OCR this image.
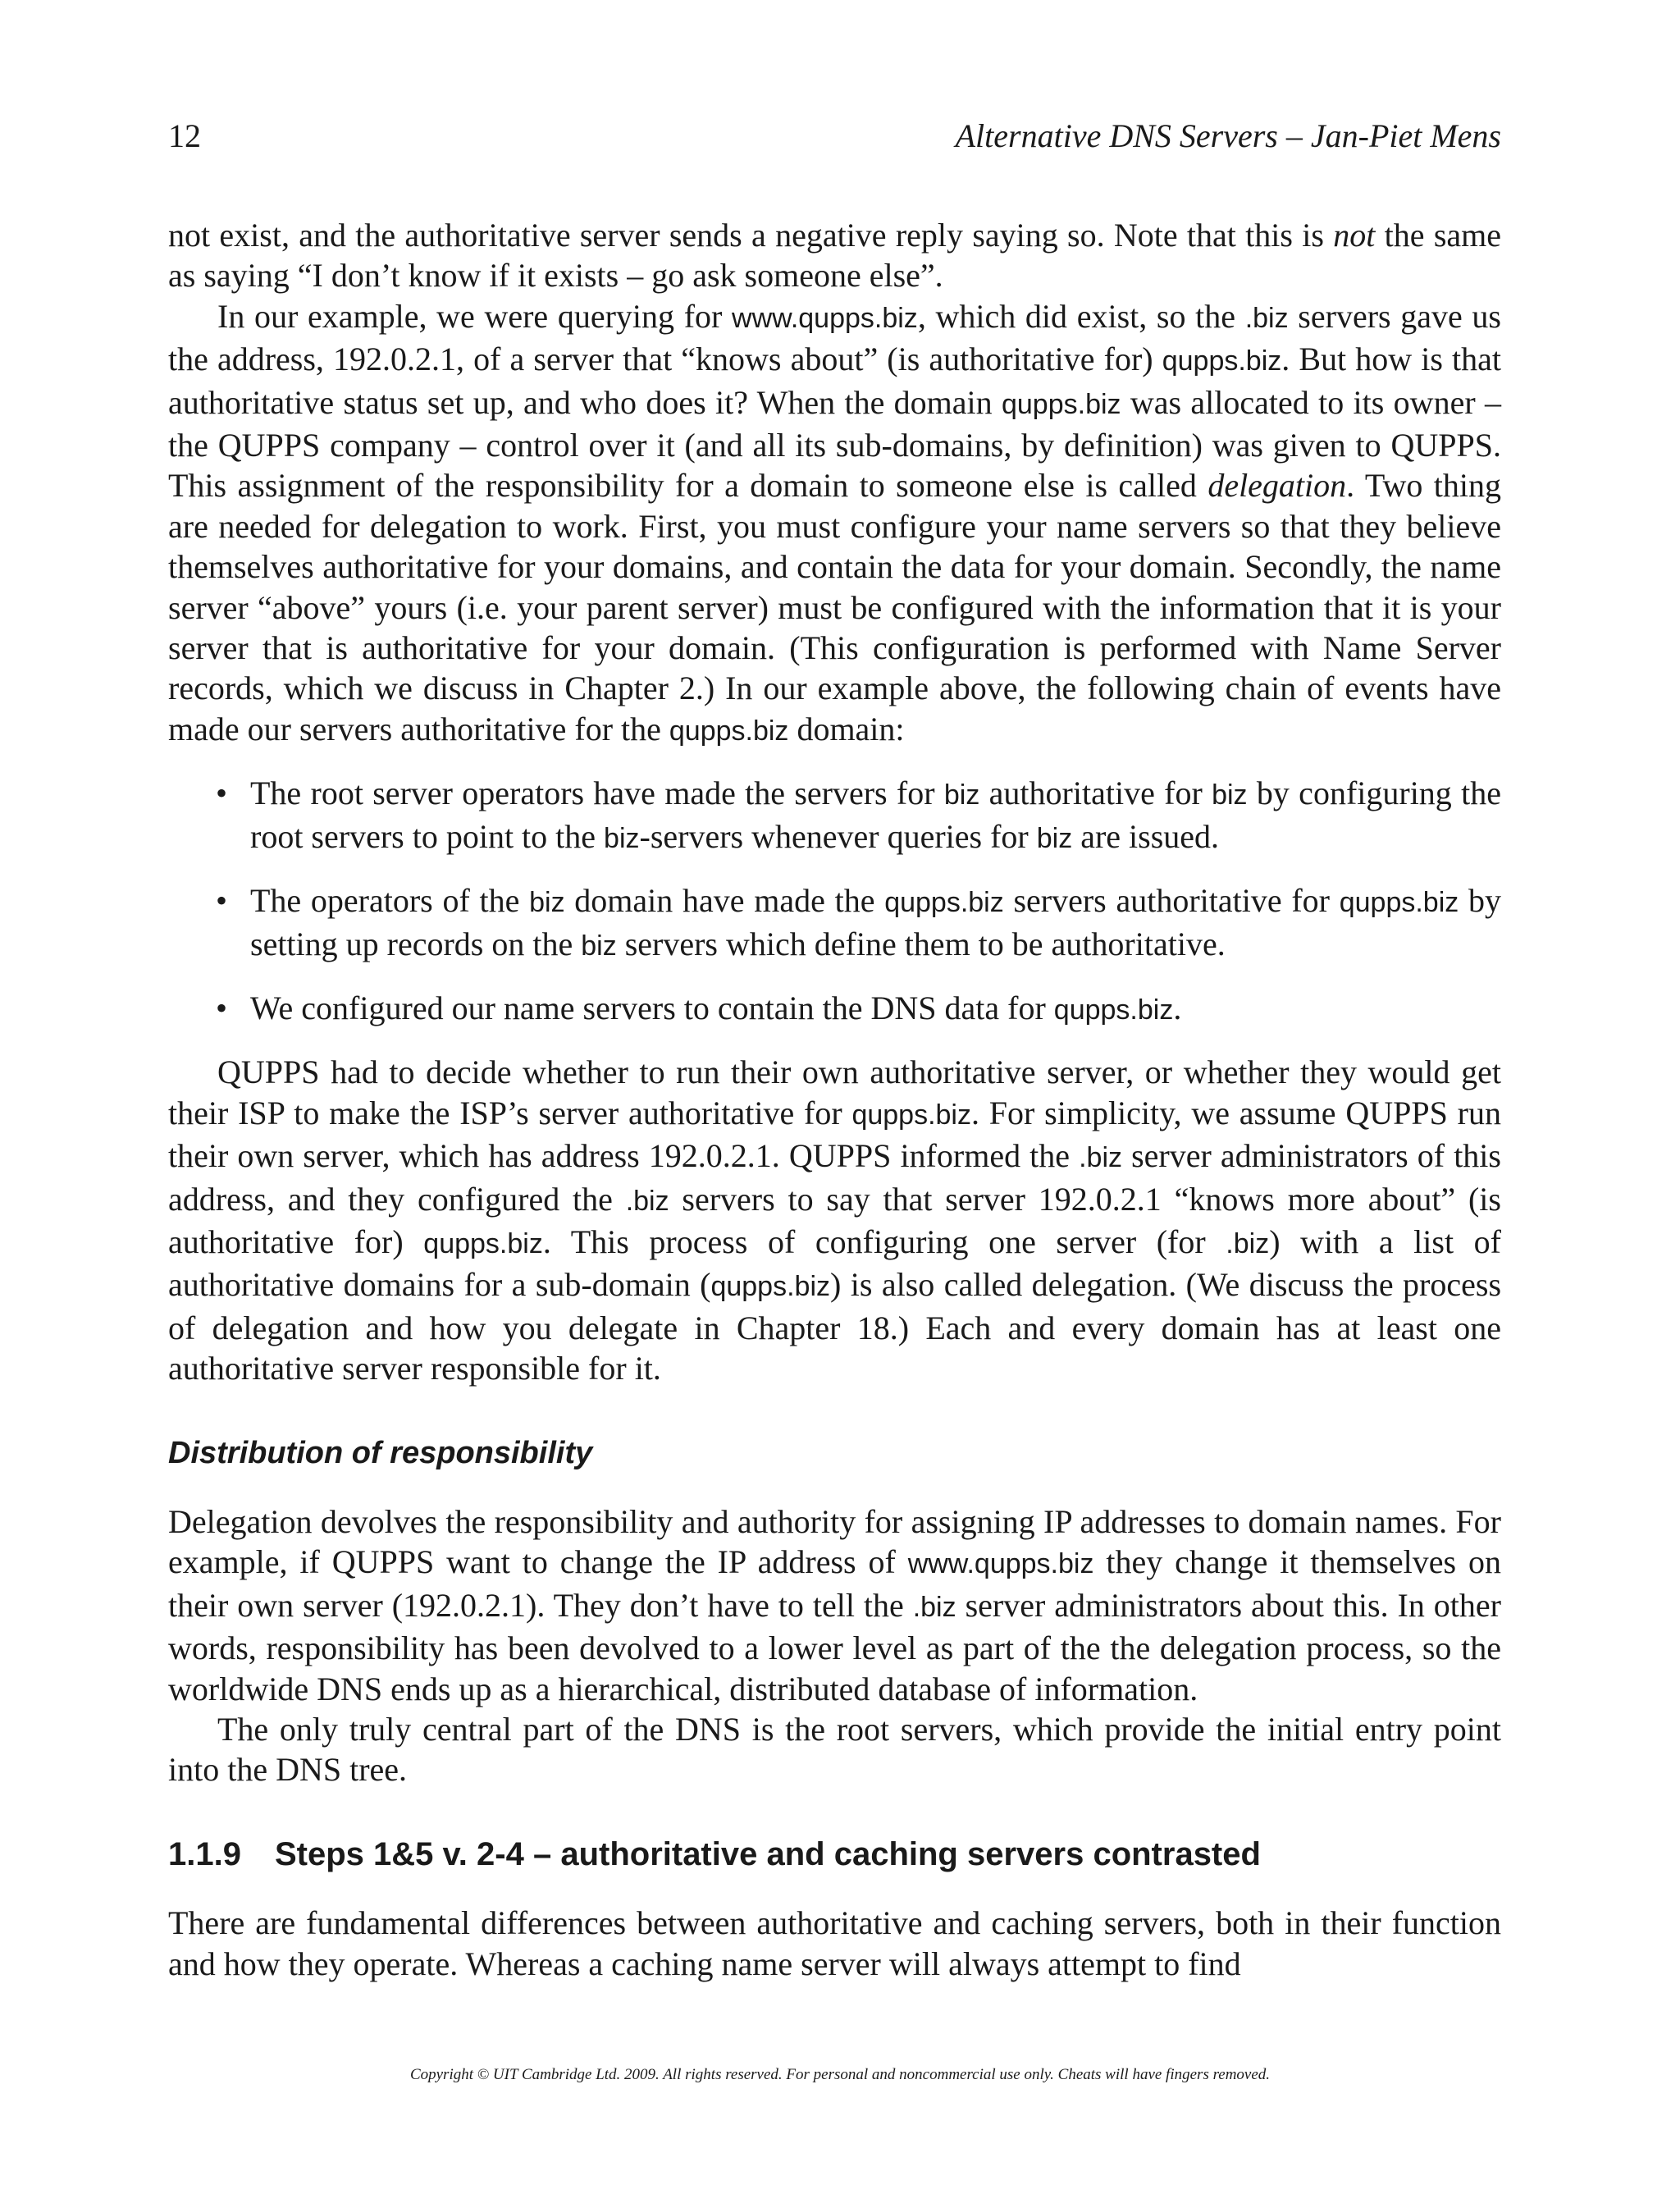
12	Alternative DNS Servers – Jan-Piet Mens

not exist, and the authoritative server sends a negative reply saying so. Note that this is not the same as saying “I don’t know if it exists – go ask someone else”.

In our example, we were querying for www.qupps.biz, which did exist, so the .biz servers gave us the address, 192.0.2.1, of a server that “knows about” (is authoritative for) qupps.biz. But how is that authoritative status set up, and who does it? When the domain qupps.biz was allocated to its owner – the QUPPS company – control over it (and all its sub-domains, by definition) was given to QUPPS. This assignment of the responsibility for a domain to someone else is called delegation. Two thing are needed for delegation to work. First, you must configure your name servers so that they believe themselves authoritative for your domains, and contain the data for your domain. Secondly, the name server “above” yours (i.e. your parent server) must be configured with the information that it is your server that is authoritative for your domain. (This configuration is performed with Name Server records, which we discuss in Chapter 2.) In our example above, the following chain of events have made our servers authoritative for the qupps.biz domain:

• The root server operators have made the servers for biz authoritative for biz by configuring the root servers to point to the biz-servers whenever queries for biz are issued.
• The operators of the biz domain have made the qupps.biz servers authoritative for qupps.biz by setting up records on the biz servers which define them to be authoritative.
• We configured our name servers to contain the DNS data for qupps.biz.

QUPPS had to decide whether to run their own authoritative server, or whether they would get their ISP to make the ISP’s server authoritative for qupps.biz. For simplicity, we assume QUPPS run their own server, which has address 192.0.2.1. QUPPS informed the .biz server administrators of this address, and they configured the .biz servers to say that server 192.0.2.1 “knows more about” (is authoritative for) qupps.biz. This process of configuring one server (for .biz) with a list of authoritative domains for a sub-domain (qupps.biz) is also called delegation. (We discuss the process of delegation and how you delegate in Chapter 18.) Each and every domain has at least one authoritative server responsible for it.

Distribution of responsibility

Delegation devolves the responsibility and authority for assigning IP addresses to domain names. For example, if QUPPS want to change the IP address of www.qupps.biz they change it themselves on their own server (192.0.2.1). They don’t have to tell the .biz server administrators about this. In other words, responsibility has been devolved to a lower level as part of the the delegation process, so the worldwide DNS ends up as a hierarchical, distributed database of information.

The only truly central part of the DNS is the root servers, which provide the initial entry point into the DNS tree.

1.1.9 Steps 1&5 v. 2-4 – authoritative and caching servers contrasted

There are fundamental differences between authoritative and caching servers, both in their function and how they operate. Whereas a caching name server will always attempt to find

Copyright © UIT Cambridge Ltd. 2009. All rights reserved. For personal and noncommercial use only. Cheats will have fingers removed.
